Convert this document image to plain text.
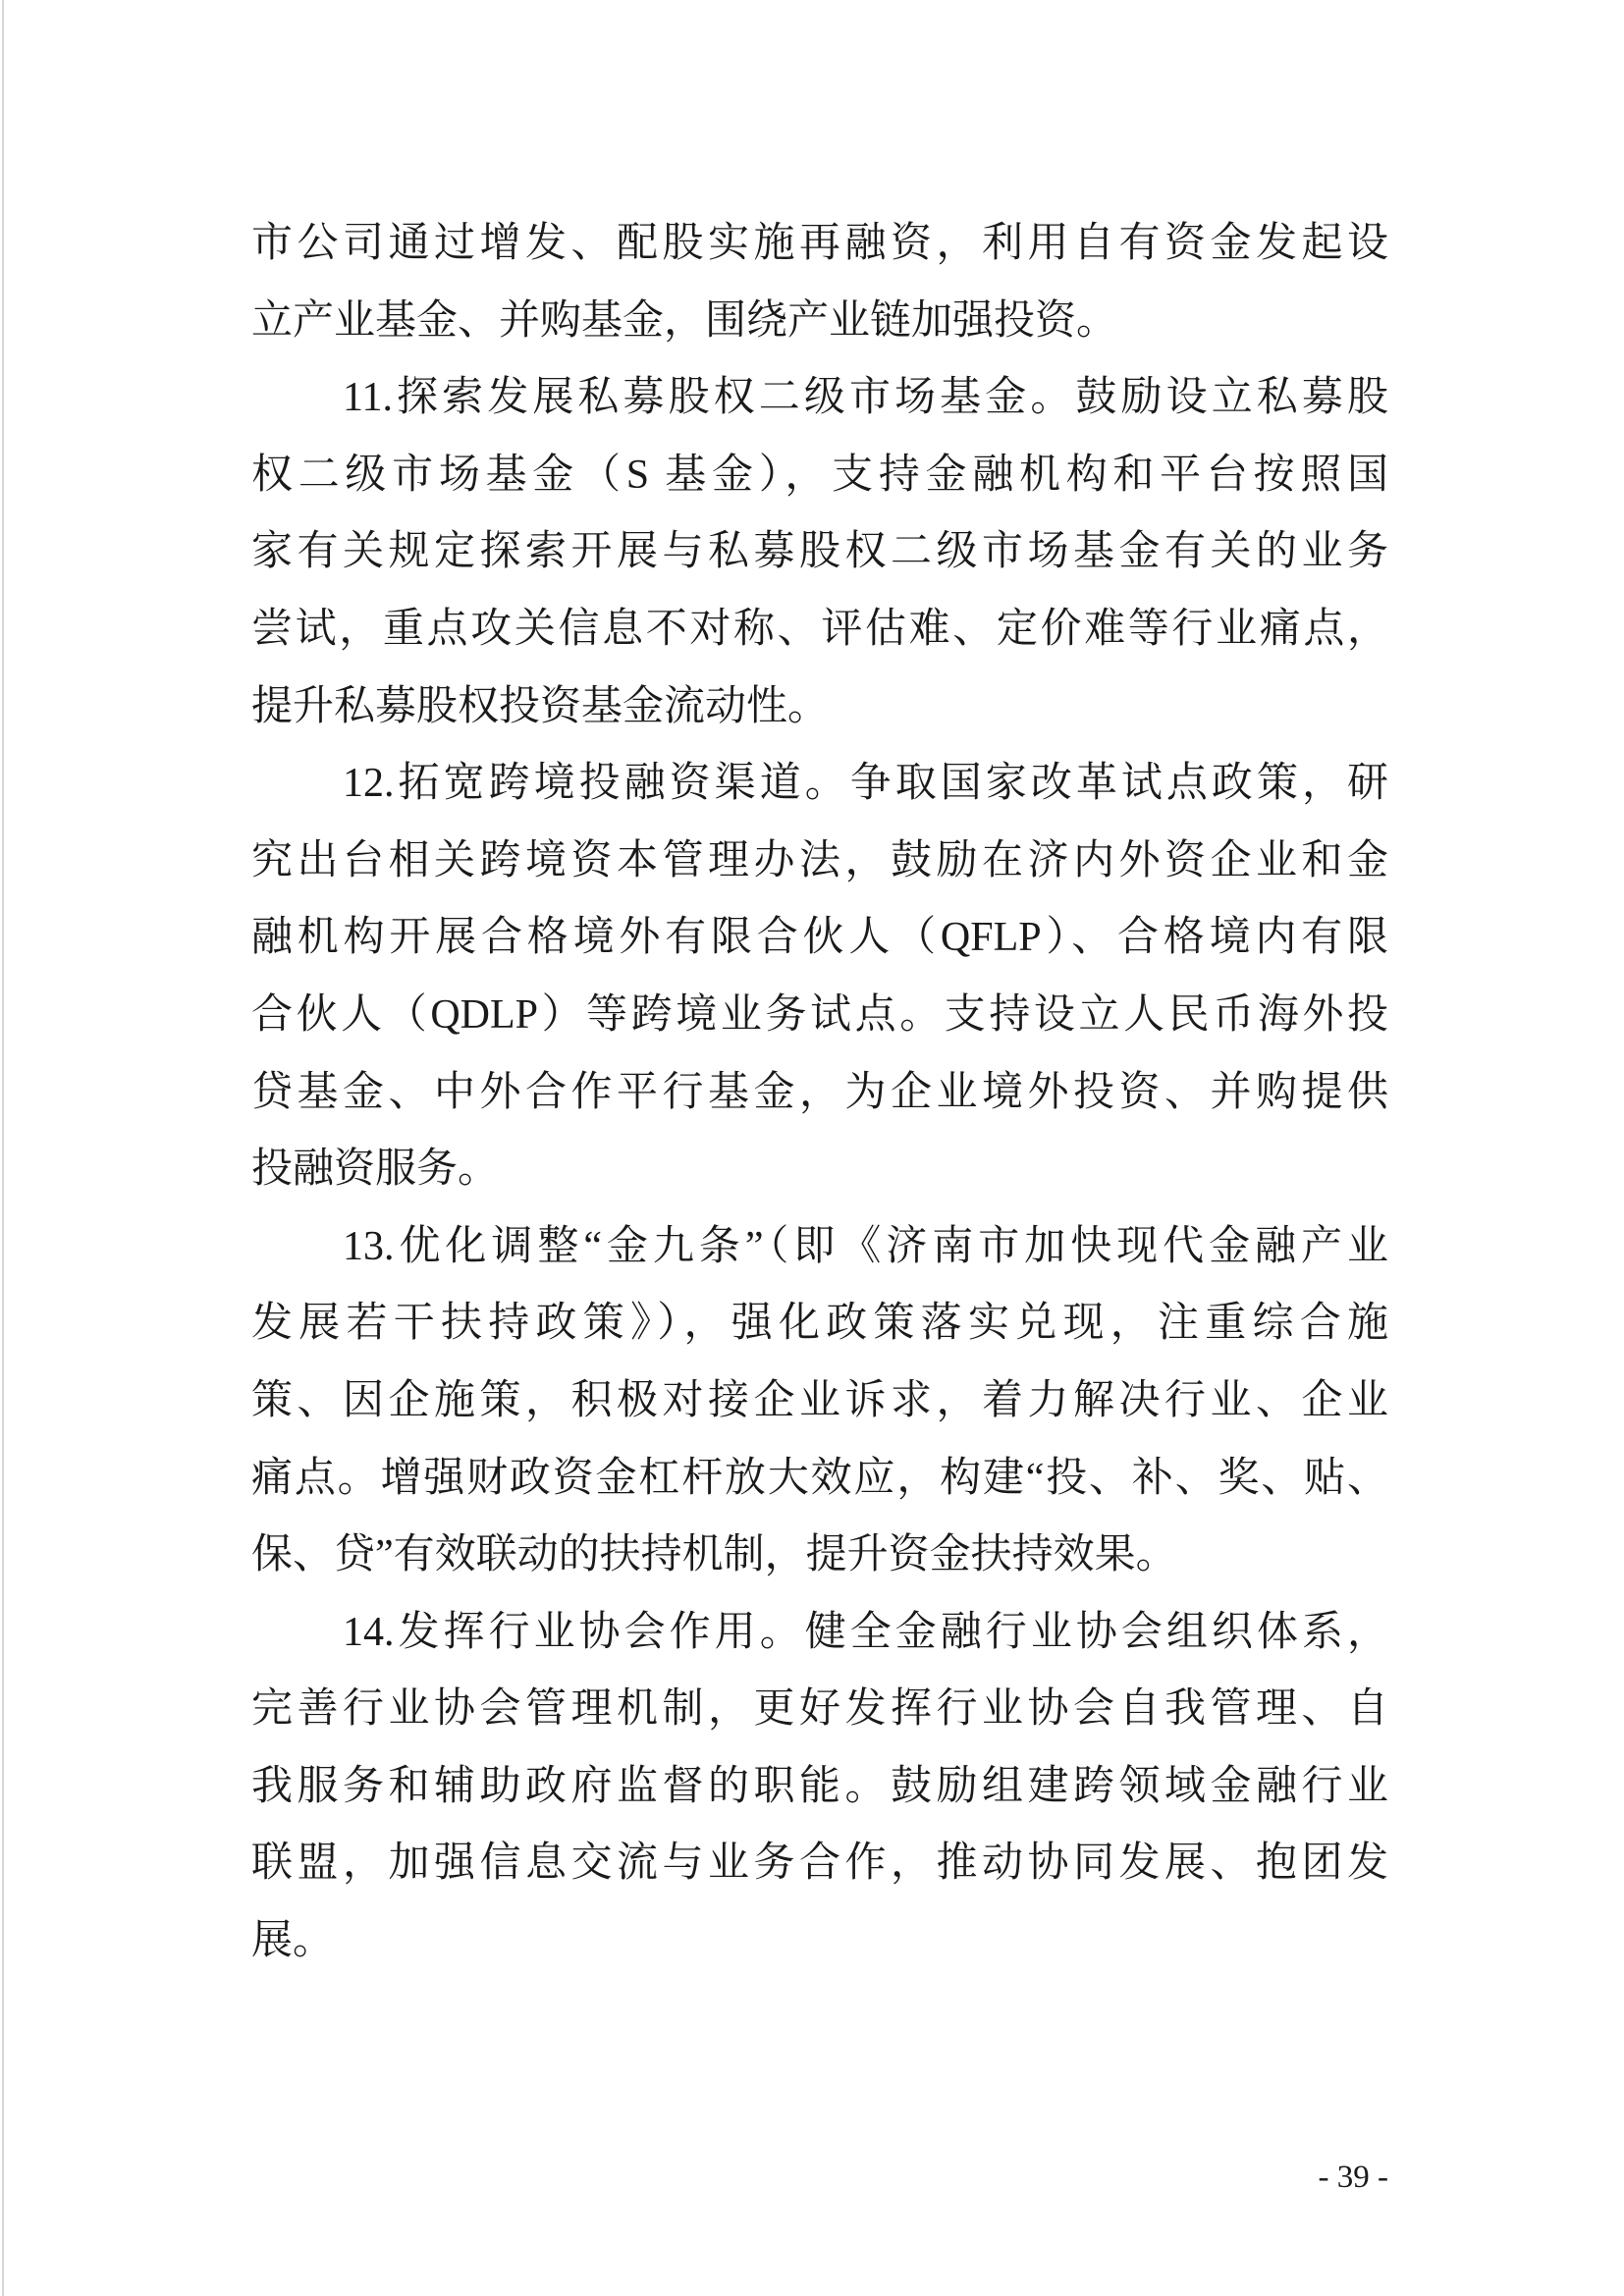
市公司通过增发、配股实施再融资，利用自有资金发起设
立产业基金、并购基金，围绕产业链加强投资。
11.探索发展私募股权二级市场基金。鼓励设立私募股
权二级市场基金（S 基金），支持金融机构和平台按照国
家有关规定探索开展与私募股权二级市场基金有关的业务
尝试，重点攻关信息不对称、评估难、定价难等行业痛点，
提升私募股权投资基金流动性。
12.拓宽跨境投融资渠道。争取国家改革试点政策，研
究出台相关跨境资本管理办法，鼓励在济内外资企业和金
融机构开展合格境外有限合伙人（QFLP）、合格境内有限
合伙人（QDLP）等跨境业务试点。支持设立人民币海外投
贷基金、中外合作平行基金，为企业境外投资、并购提供
投融资服务。
13.优化调整“金九条”（即《济南市加快现代金融产业
发展若干扶持政策》），强化政策落实兑现，注重综合施
策、因企施策，积极对接企业诉求，着力解决行业、企业
痛点。增强财政资金杠杆放大效应，构建“投、补、奖、贴、
保、贷”有效联动的扶持机制，提升资金扶持效果。
14.发挥行业协会作用。健全金融行业协会组织体系，
完善行业协会管理机制，更好发挥行业协会自我管理、自
我服务和辅助政府监督的职能。鼓励组建跨领域金融行业
联盟，加强信息交流与业务合作，推动协同发展、抱团发
展。
- 39 -
